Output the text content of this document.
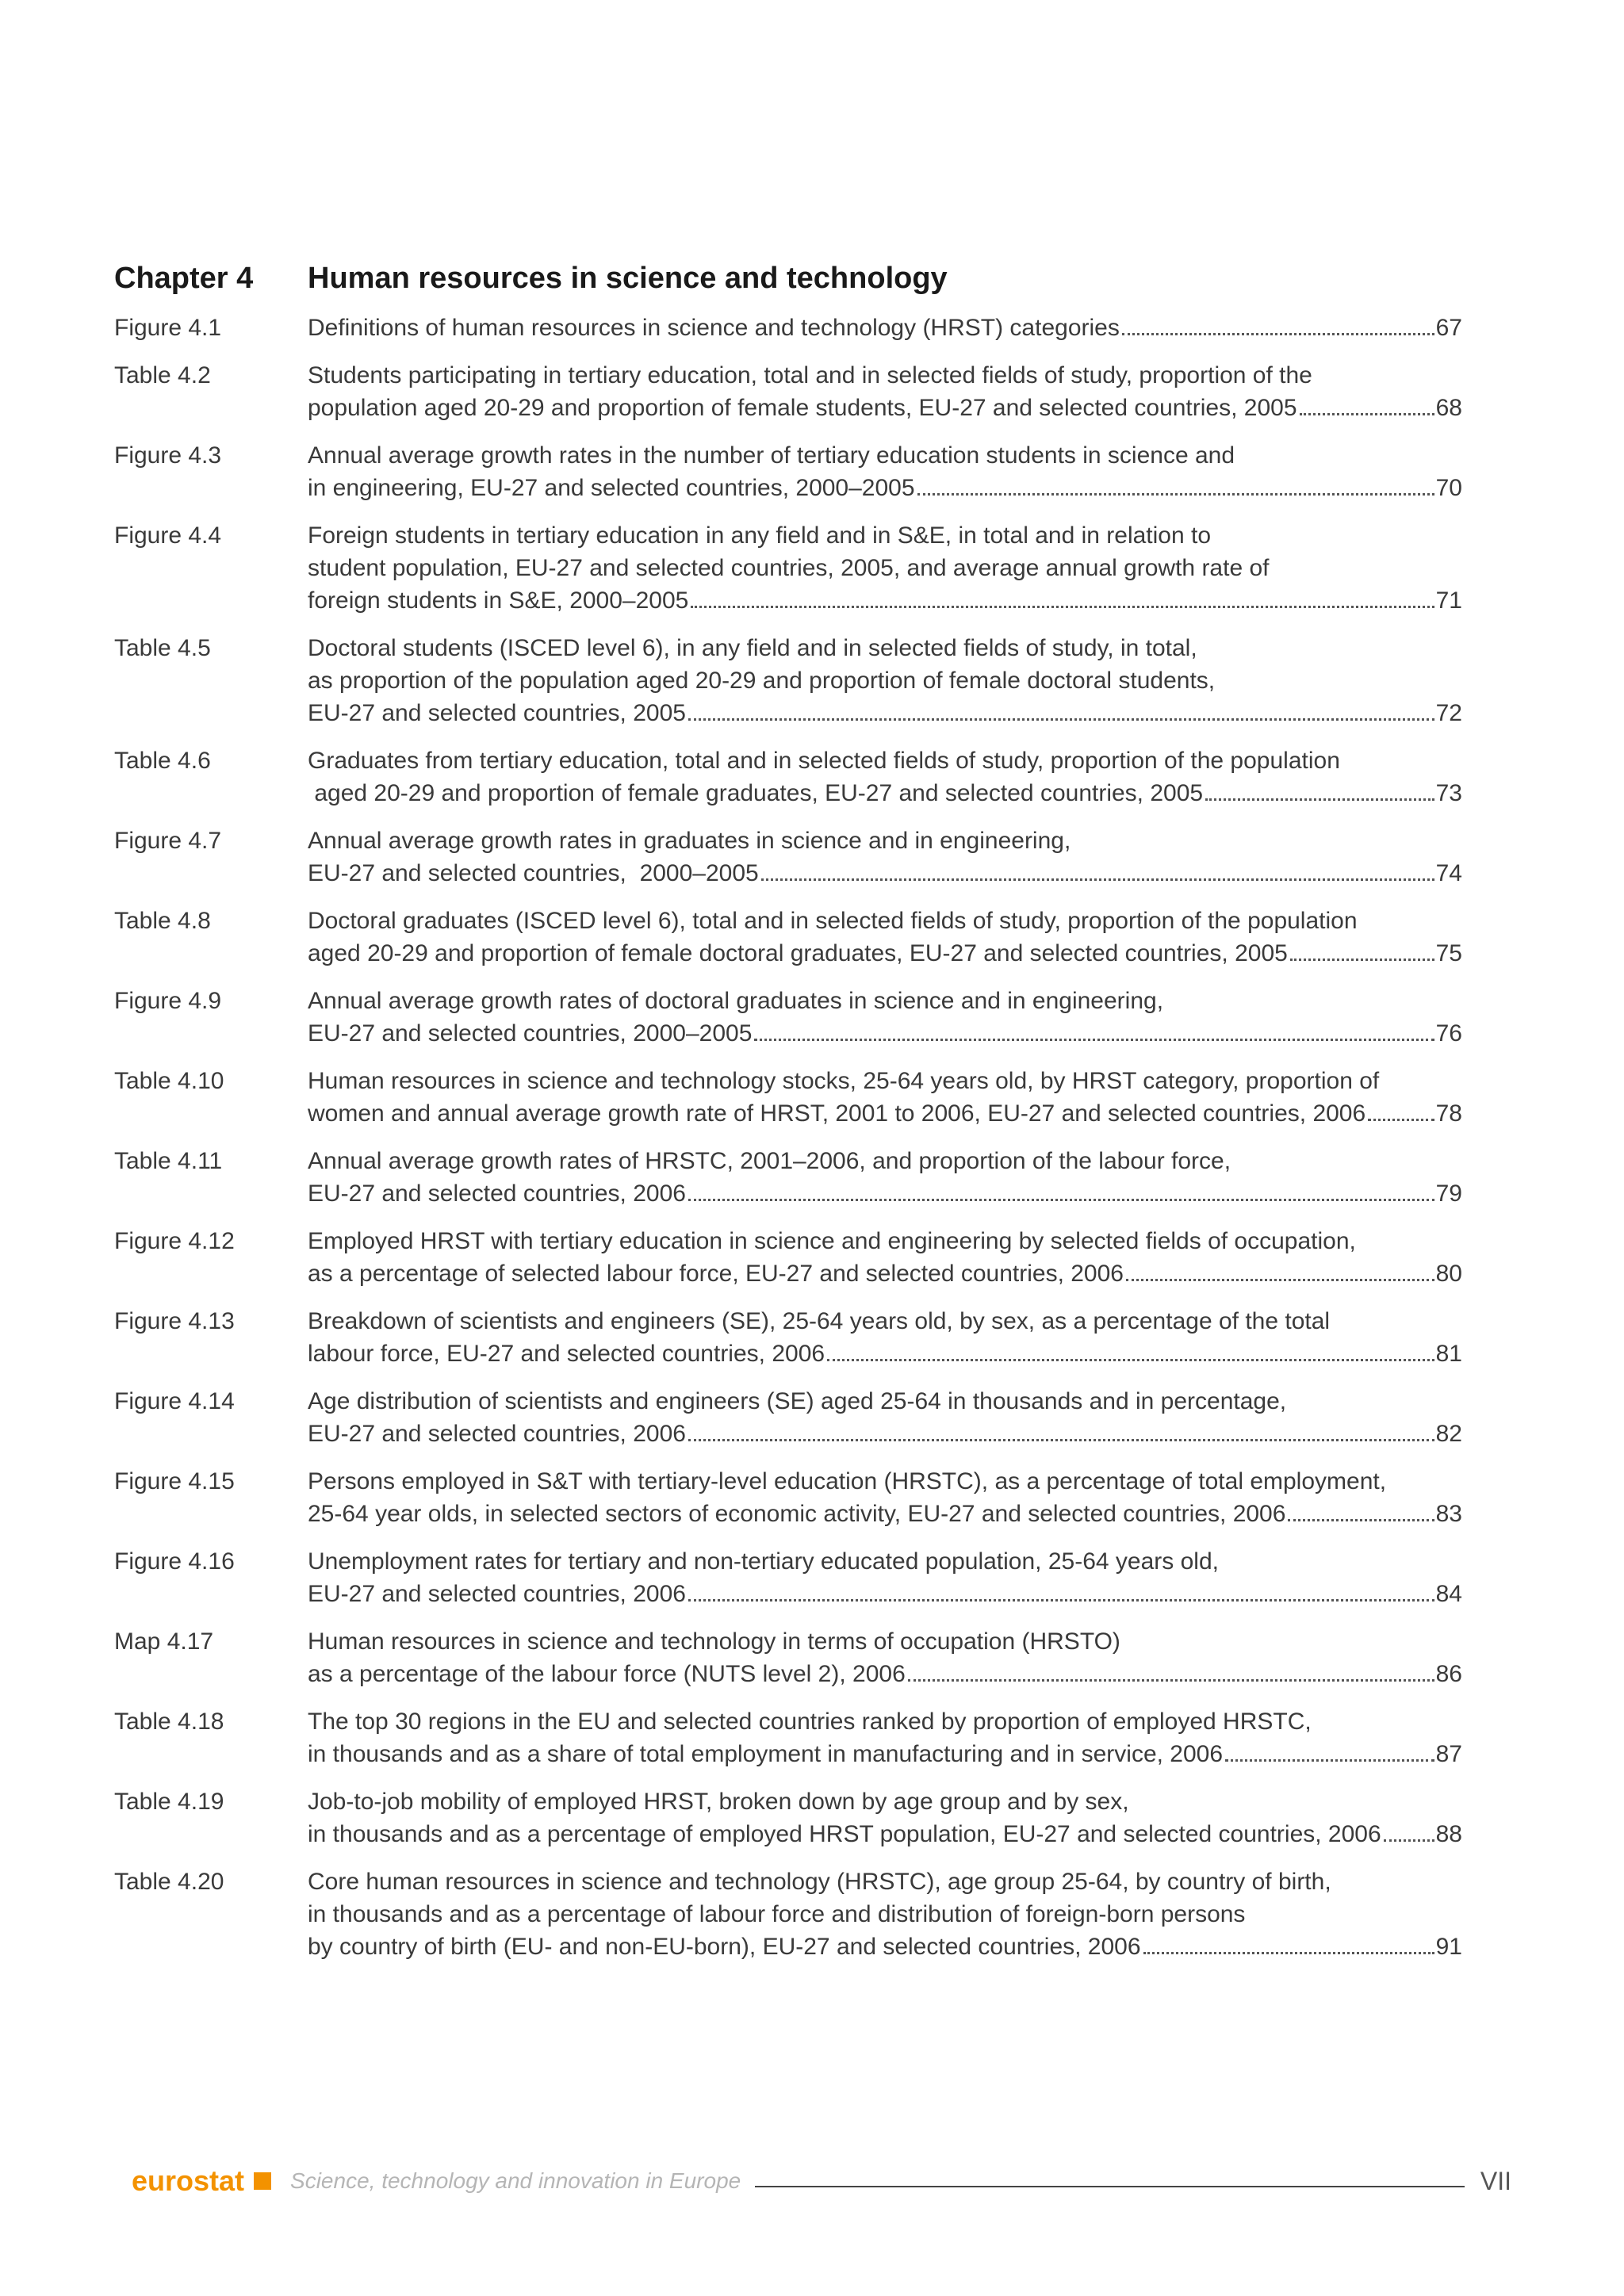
Chapter 4	Human resources in science and technology
Figure 4.1	Definitions of human resources in science and technology (HRST) categories	67
Table 4.2	Students participating in tertiary education, total and in selected fields of study, proportion of the
population aged 20-29 and proportion of female students, EU-27 and selected countries, 2005	68
Figure 4.3	Annual average growth rates in the number of tertiary education students in science and
in engineering, EU-27 and selected countries, 2000–2005	70
Figure 4.4	Foreign students in tertiary education in any field and in S&E, in total and in relation to
student population, EU-27 and selected countries, 2005, and average annual growth rate of
foreign students in S&E, 2000–2005	71
Table 4.5	Doctoral students (ISCED level 6), in any field and in selected fields of study, in total,
as proportion of the population aged 20-29 and proportion of female doctoral students,
EU-27 and selected countries, 2005	72
Table 4.6	Graduates from tertiary education, total and in selected fields of study, proportion of the population
aged 20-29 and proportion of female graduates, EU-27 and selected countries, 2005	73
Figure 4.7	Annual average growth rates in graduates in science and in engineering,
EU-27 and selected countries,  2000–2005	74
Table 4.8	Doctoral graduates (ISCED level 6), total and in selected fields of study, proportion of the population
aged 20-29 and proportion of female doctoral graduates, EU-27 and selected countries, 2005	75
Figure 4.9	Annual average growth rates of doctoral graduates in science and in engineering,
EU-27 and selected countries, 2000–2005	76
Table 4.10	Human resources in science and technology stocks, 25-64 years old, by HRST category, proportion of
women and annual average growth rate of HRST, 2001 to 2006, EU-27 and selected countries, 2006	78
Table 4.11	Annual average growth rates of HRSTC, 2001–2006, and proportion of the labour force,
EU-27 and selected countries, 2006	79
Figure 4.12	Employed HRST with tertiary education in science and engineering by selected fields of occupation,
as a percentage of selected labour force, EU-27 and selected countries, 2006	80
Figure 4.13	Breakdown of scientists and engineers (SE), 25-64 years old, by sex, as a percentage of the total
labour force, EU-27 and selected countries, 2006	81
Figure 4.14	Age distribution of scientists and engineers (SE) aged 25-64 in thousands and in percentage,
EU-27 and selected countries, 2006	82
Figure 4.15	Persons employed in S&T with tertiary-level education (HRSTC), as a percentage of total employment,
25-64 year olds, in selected sectors of economic activity, EU-27 and selected countries, 2006	83
Figure 4.16	Unemployment rates for tertiary and non-tertiary educated population, 25-64 years old,
EU-27 and selected countries, 2006	84
Map 4.17	Human resources in science and technology in terms of occupation (HRSTO)
as a percentage of the labour force (NUTS level 2), 2006	86
Table 4.18	The top 30 regions in the EU and selected countries ranked by proportion of employed HRSTC,
in thousands and as a share of total employment in manufacturing and in service, 2006	87
Table 4.19	Job-to-job mobility of employed HRST, broken down by age group and by sex,
in thousands and as a percentage of employed HRST population, EU-27 and selected countries, 2006 88
Table 4.20	Core human resources in science and technology (HRSTC), age group 25-64, by country of birth,
in thousands and as a percentage of labour force and distribution of foreign-born persons
by country of birth (EU- and non-EU-born), EU-27 and selected countries, 2006	91
eurostat Science, technology and innovation in Europe	VII
